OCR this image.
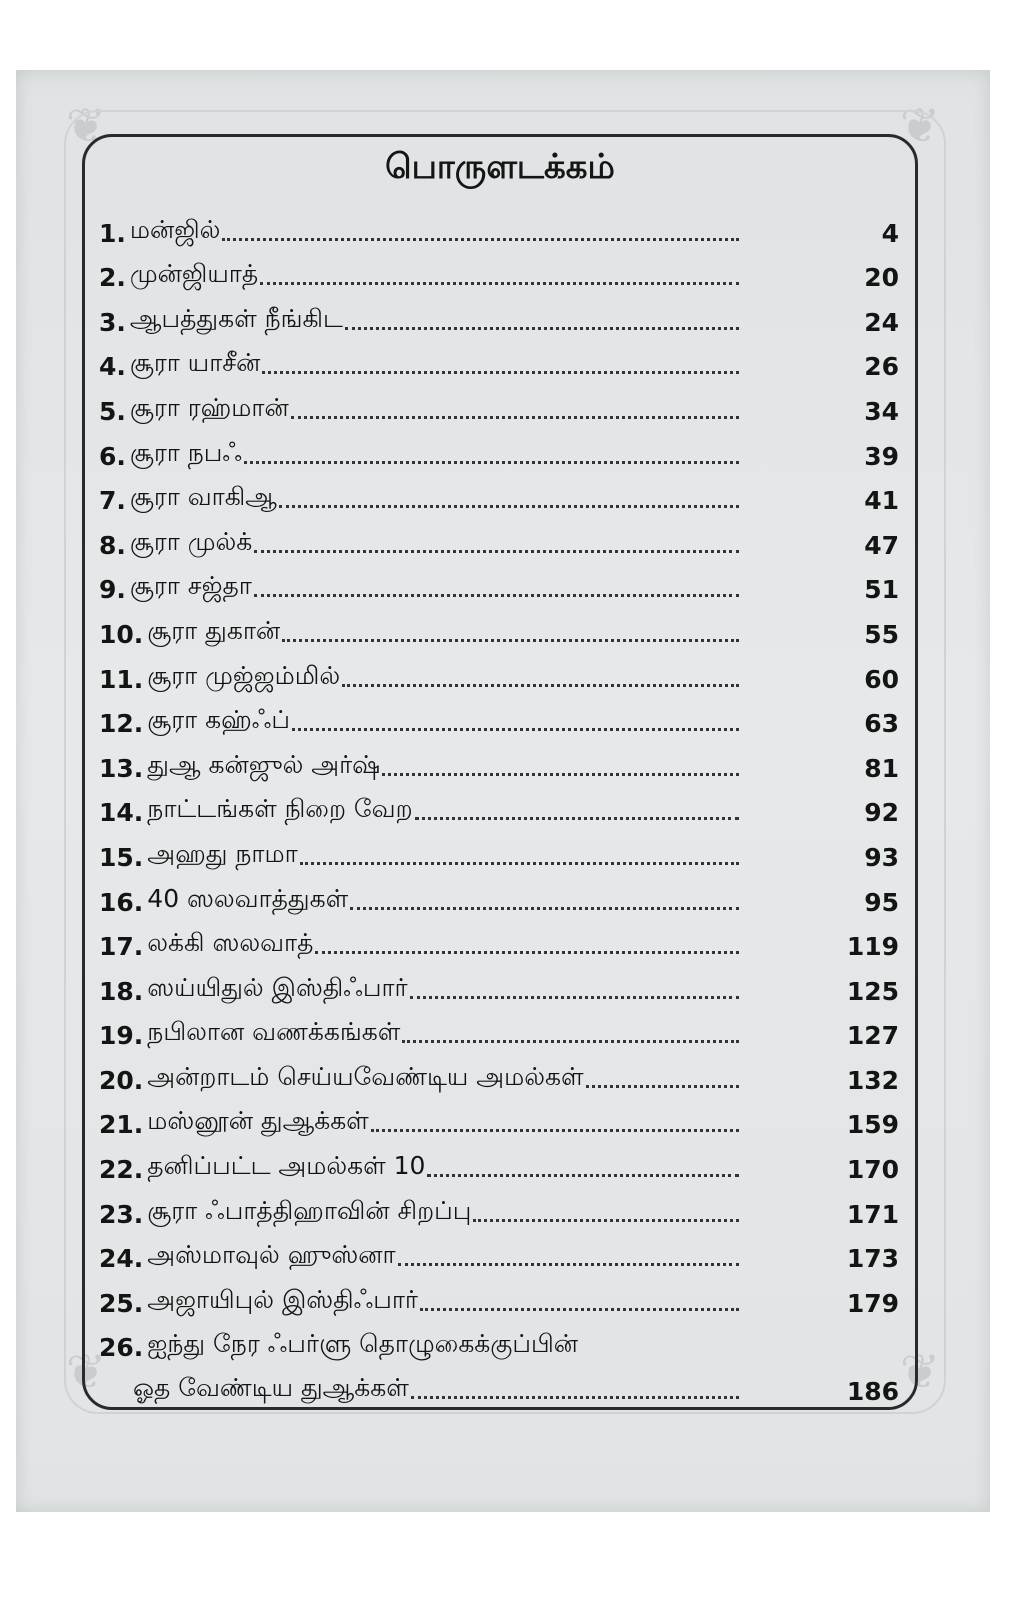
❦	❦
❦	❦
பொருளடக்கம்
1. மன்ஜில்	4
2. முன்ஜியாத்	20
3. ஆபத்துகள் நீங்கிட	24
4. சூரா யாசீன்	26
5. சூரா ரஹ்மான்	34
6. சூரா நபஃ	39
7. சூரா வாகிஆ	41
8. சூரா முல்க்	47
9. சூரா சஜ்தா	51
10. சூரா துகான்	55
11. சூரா முஜ்ஜம்மில்	60
12. சூரா கஹ்ஃப்	63
13. துஆ கன்ஜுல் அர்ஷ்	81
14. நாட்டங்கள் நிறை வேற	92
15. அஹது நாமா	93
16. 40 ஸலவாத்துகள்	95
17. லக்கி ஸலவாத்	119
18. ஸய்யிதுல் இஸ்திஃபார்	125
19. நபிலான வணக்கங்கள்	127
20. அன்றாடம் செய்யவேண்டிய அமல்கள்	132
21. மஸ்னூன் துஆக்கள்	159
22. தனிப்பட்ட அமல்கள் 10	170
23. சூரா ஃபாத்திஹாவின் சிறப்பு	171
24. அஸ்மாவுல் ஹுஸ்னா	173
25. அஜாயிபுல் இஸ்திஃபார்	179
26. ஐந்து நேர ஃபர்ளு தொழுகைக்குப்பின்
ஓத வேண்டிய துஆக்கள்	186
